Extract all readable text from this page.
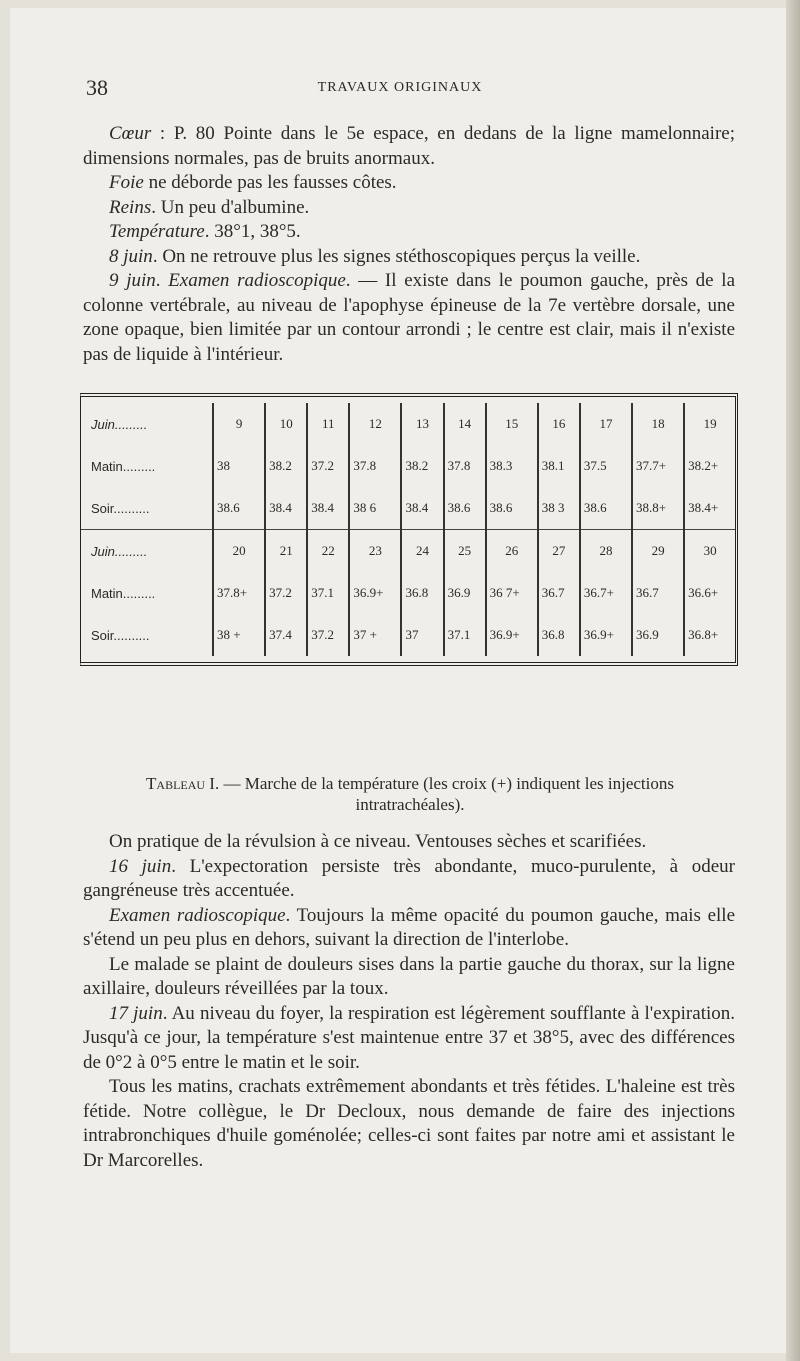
38	TRAVAUX ORIGINAUX

Cœur : P. 80 Pointe dans le 5e espace, en dedans de la ligne mamelonnaire; dimensions normales, pas de bruits anormaux.

Foie ne déborde pas les fausses côtes.

Reins. Un peu d'albumine.

Température. 38°1, 38°5.

8 juin. On ne retrouve plus les signes stéthoscopiques perçus la veille.

9 juin. Examen radioscopique. — Il existe dans le poumon gauche, près de la colonne vertébrale, au niveau de l'apophyse épineuse de la 7e vertèbre dorsale, une zone opaque, bien limitée par un contour arrondi ; le centre est clair, mais il n'existe pas de liquide à l'intérieur.

Juin.........	9	10	11	12	13	14	15	16	17	18	19
Matin.........	38	38.2	37.2	37.8	38.2	37.8	38.3	38.1	37.5	37.7+	38.2+
Soir..........	38.6	38.4	38.4	38 6	38.4	38.6	38.6	38 3	38.6	38.8+	38.4+
Juin.........	20	21	22	23	24	25	26	27	28	29	30
Matin.........	37.8+	37.2	37.1	36.9+	36.8	36.9	36 7+	36.7	36.7+	36.7	36.6+
Soir..........	38 +	37.4	37.2	37 +	37	37.1	36.9+	36.8	36.9+	36.9	36.8+
Tableau I. — Marche de la température (les croix (+) indiquent les injections intratrachéales).

On pratique de la révulsion à ce niveau. Ventouses sèches et scarifiées.

16 juin. L'expectoration persiste très abondante, muco-purulente, à odeur gangréneuse très accentuée.

Examen radioscopique. Toujours la même opacité du poumon gauche, mais elle s'étend un peu plus en dehors, suivant la direction de l'interlobe.

Le malade se plaint de douleurs sises dans la partie gauche du thorax, sur la ligne axillaire, douleurs réveillées par la toux.

17 juin. Au niveau du foyer, la respiration est légèrement soufflante à l'expiration. Jusqu'à ce jour, la température s'est maintenue entre 37 et 38°5, avec des différences de 0°2 à 0°5 entre le matin et le soir.

Tous les matins, crachats extrêmement abondants et très fétides. L'haleine est très fétide. Notre collègue, le Dr Decloux, nous demande de faire des injections intrabronchiques d'huile goménolée; celles-ci sont faites par notre ami et assistant le Dr Marcorelles.
